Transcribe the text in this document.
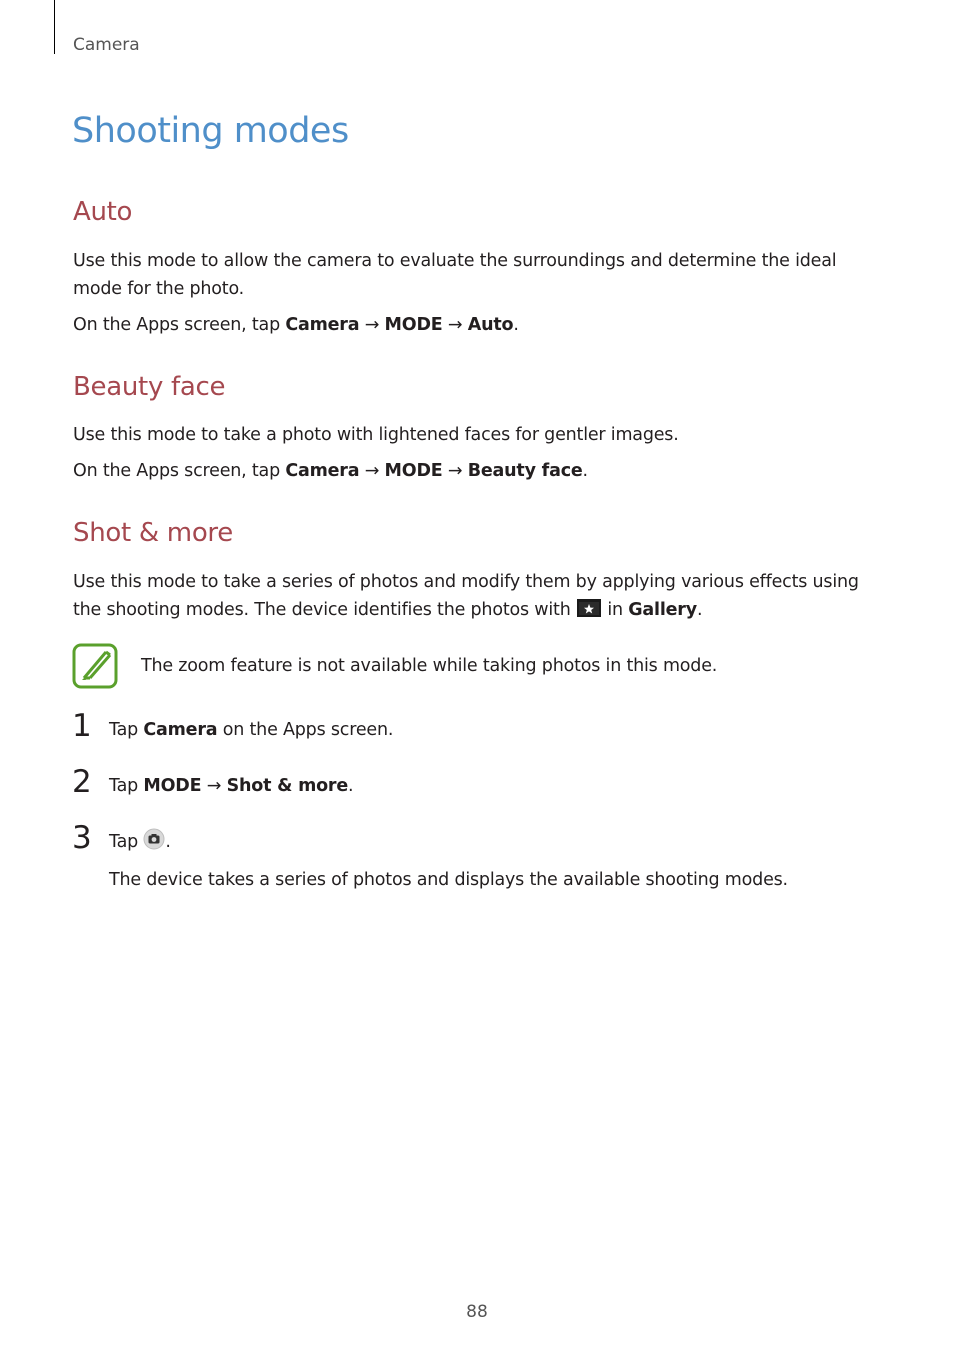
Camera
Shooting modes
Auto

Use this mode to allow the camera to evaluate the surroundings and determine the ideal mode for the photo.

On the Apps screen, tap Camera → MODE → Auto.

Beauty face

Use this mode to take a photo with lightened faces for gentler images.

On the Apps screen, tap Camera → MODE → Beauty face.

Shot & more

Use this mode to take a series of photos and modify them by applying various effects using the shooting modes. The device identifies the photos with  in Gallery.

The zoom feature is not available while taking photos in this mode.

1 Tap Camera on the Apps screen.

2 Tap MODE → Shot & more.

3 Tap .

The device takes a series of photos and displays the available shooting modes.

88
